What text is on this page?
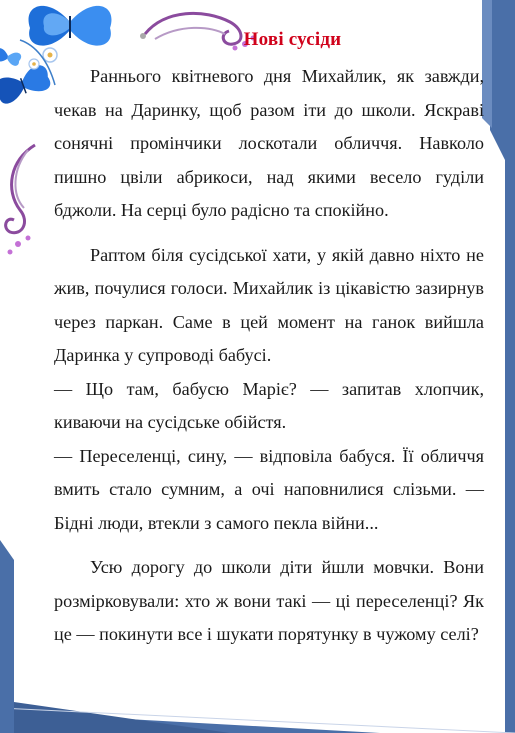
Нові сусіди

Раннього квітневого дня Михайлик, як завжди, чекав на Даринку, щоб разом іти до школи. Яскраві сонячні промінчики лоскотали обличчя. Навколо пишно цвіли абрикоси, над якими весело гуділи бджоли. На серці було радісно та спокійно.

Раптом біля сусідської хати, у якій давно ніхто не жив, почулися голоси. Михайлик із цікавістю зазирнув через паркан. Саме в цей момент на ганок вийшла Даринка у супроводі бабусі.

— Що там, бабусю Маріє? — запитав хлопчик, киваючи на сусідське обійстя.

— Переселенці, сину, — відповіла бабуся. Її обличчя вмить стало сумним, а очі наповнилися слізьми. — Бідні люди, втекли з самого пекла війни...

Усю дорогу до школи діти йшли мовчки. Вони розмірковували: хто ж вони такі — ці переселенці? Як це — покинути все і шукати порятунку в чужому селі?
